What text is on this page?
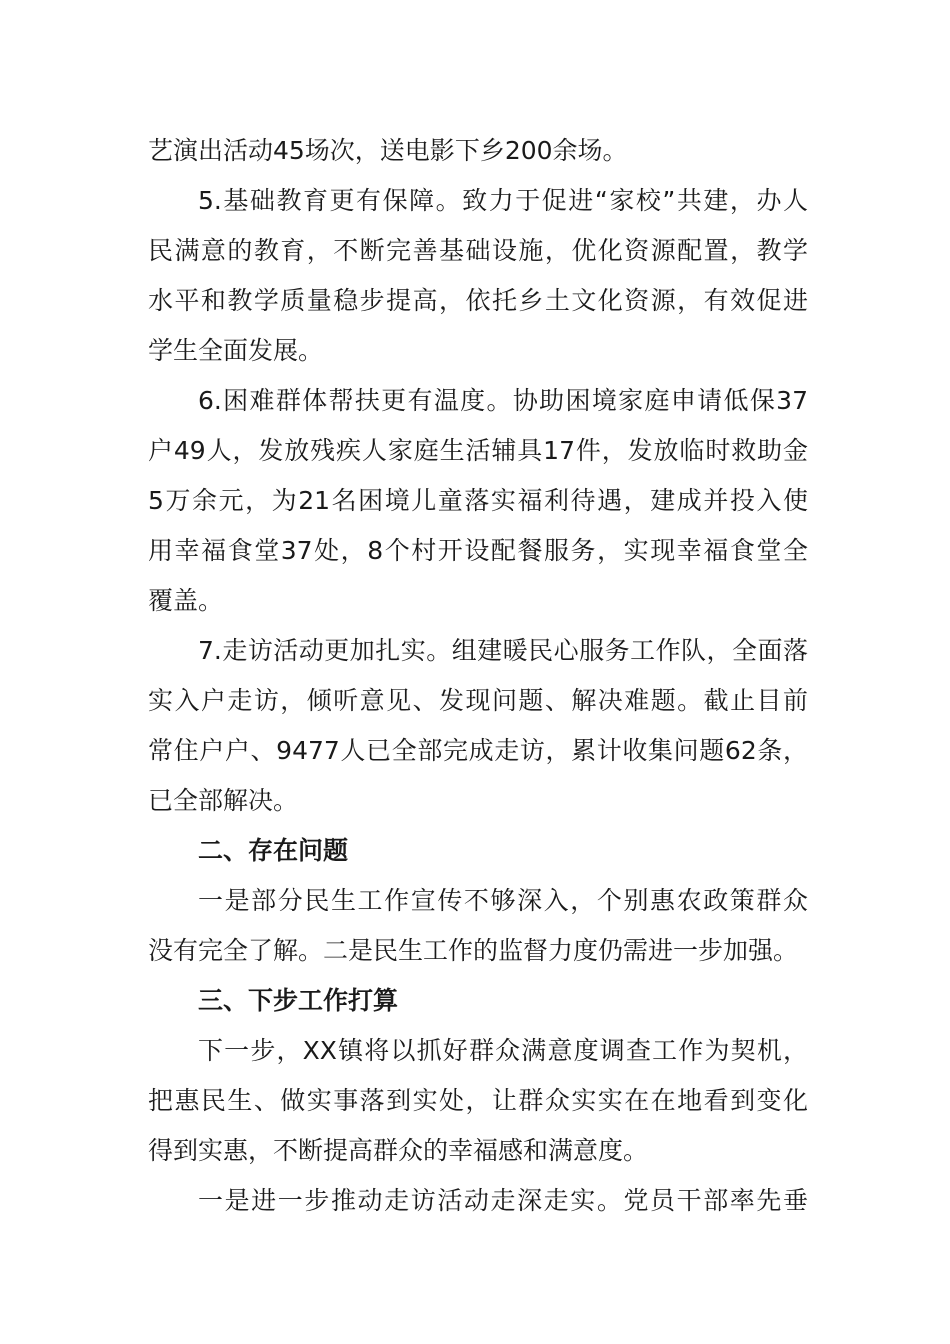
艺演出活动45场次，送电影下乡200余场。
5.基础教育更有保障。致力于促进“家校”共建，办人
民满意的教育，不断完善基础设施，优化资源配置，教学
水平和教学质量稳步提高，依托乡土文化资源，有效促进
学生全面发展。
6.困难群体帮扶更有温度。协助困境家庭申请低保37
户49人，发放残疾人家庭生活辅具17件，发放临时救助金
5万余元，为21名困境儿童落实福利待遇，建成并投入使
用幸福食堂37处，8个村开设配餐服务，实现幸福食堂全
覆盖。
7.走访活动更加扎实。组建暖民心服务工作队，全面落
实入户走访，倾听意见、发现问题、解决难题。截止目前
常住户户、9477人已全部完成走访，累计收集问题62条，
已全部解决。
二、存在问题
一是部分民生工作宣传不够深入，个别惠农政策群众
没有完全了解。二是民生工作的监督力度仍需进一步加强。
三、下步工作打算
下一步，XX镇将以抓好群众满意度调查工作为契机，
把惠民生、做实事落到实处，让群众实实在在地看到变化
得到实惠，不断提高群众的幸福感和满意度。
一是进一步推动走访活动走深走实。党员干部率先垂
